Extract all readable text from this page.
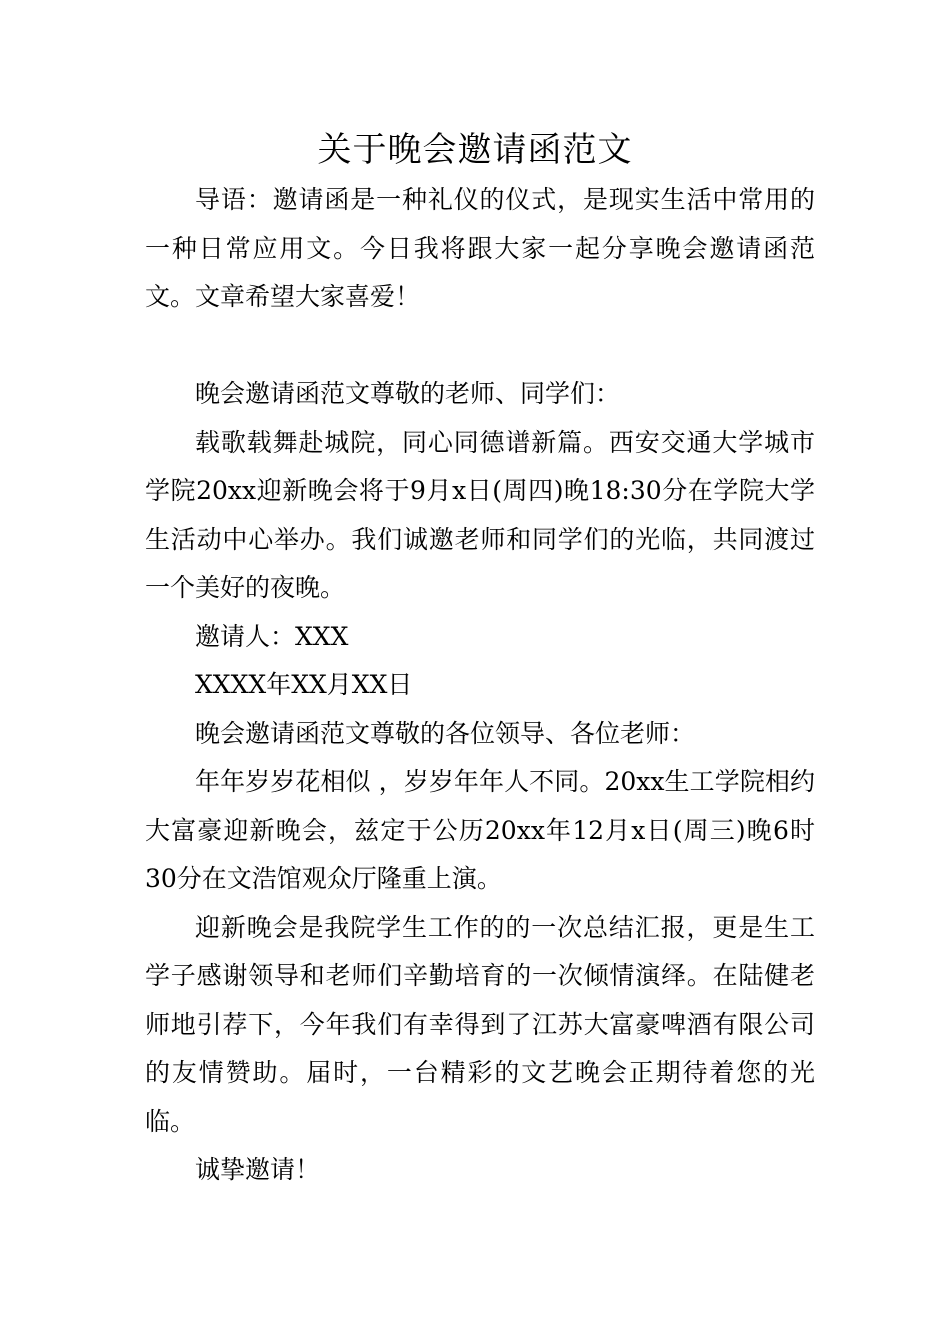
关于晚会邀请函范文

导语：邀请函是一种礼仪的仪式，是现实生活中常用的一种日常应用文。今日我将跟大家一起分享晚会邀请函范文。文章希望大家喜爱！

晚会邀请函范文尊敬的老师、同学们：

载歌载舞赴城院，同心同德谱新篇。西安交通大学城市学院20xx迎新晚会将于9月x日(周四)晚18:30分在学院大学生活动中心举办。我们诚邀老师和同学们的光临，共同渡过一个美好的夜晚。

邀请人：XXX

XXXX年XX月XX日

晚会邀请函范文尊敬的各位领导、各位老师：

年年岁岁花相似 ，岁岁年年人不同。20xx生工学院相约大富豪迎新晚会，兹定于公历20xx年12月x日(周三)晚6时30分在文浩馆观众厅隆重上演。

迎新晚会是我院学生工作的的一次总结汇报，更是生工学子感谢领导和老师们辛勤培育的一次倾情演绎。在陆健老师地引荐下，今年我们有幸得到了江苏大富豪啤酒有限公司的友情赞助。届时，一台精彩的文艺晚会正期待着您的光临。

诚挚邀请！
